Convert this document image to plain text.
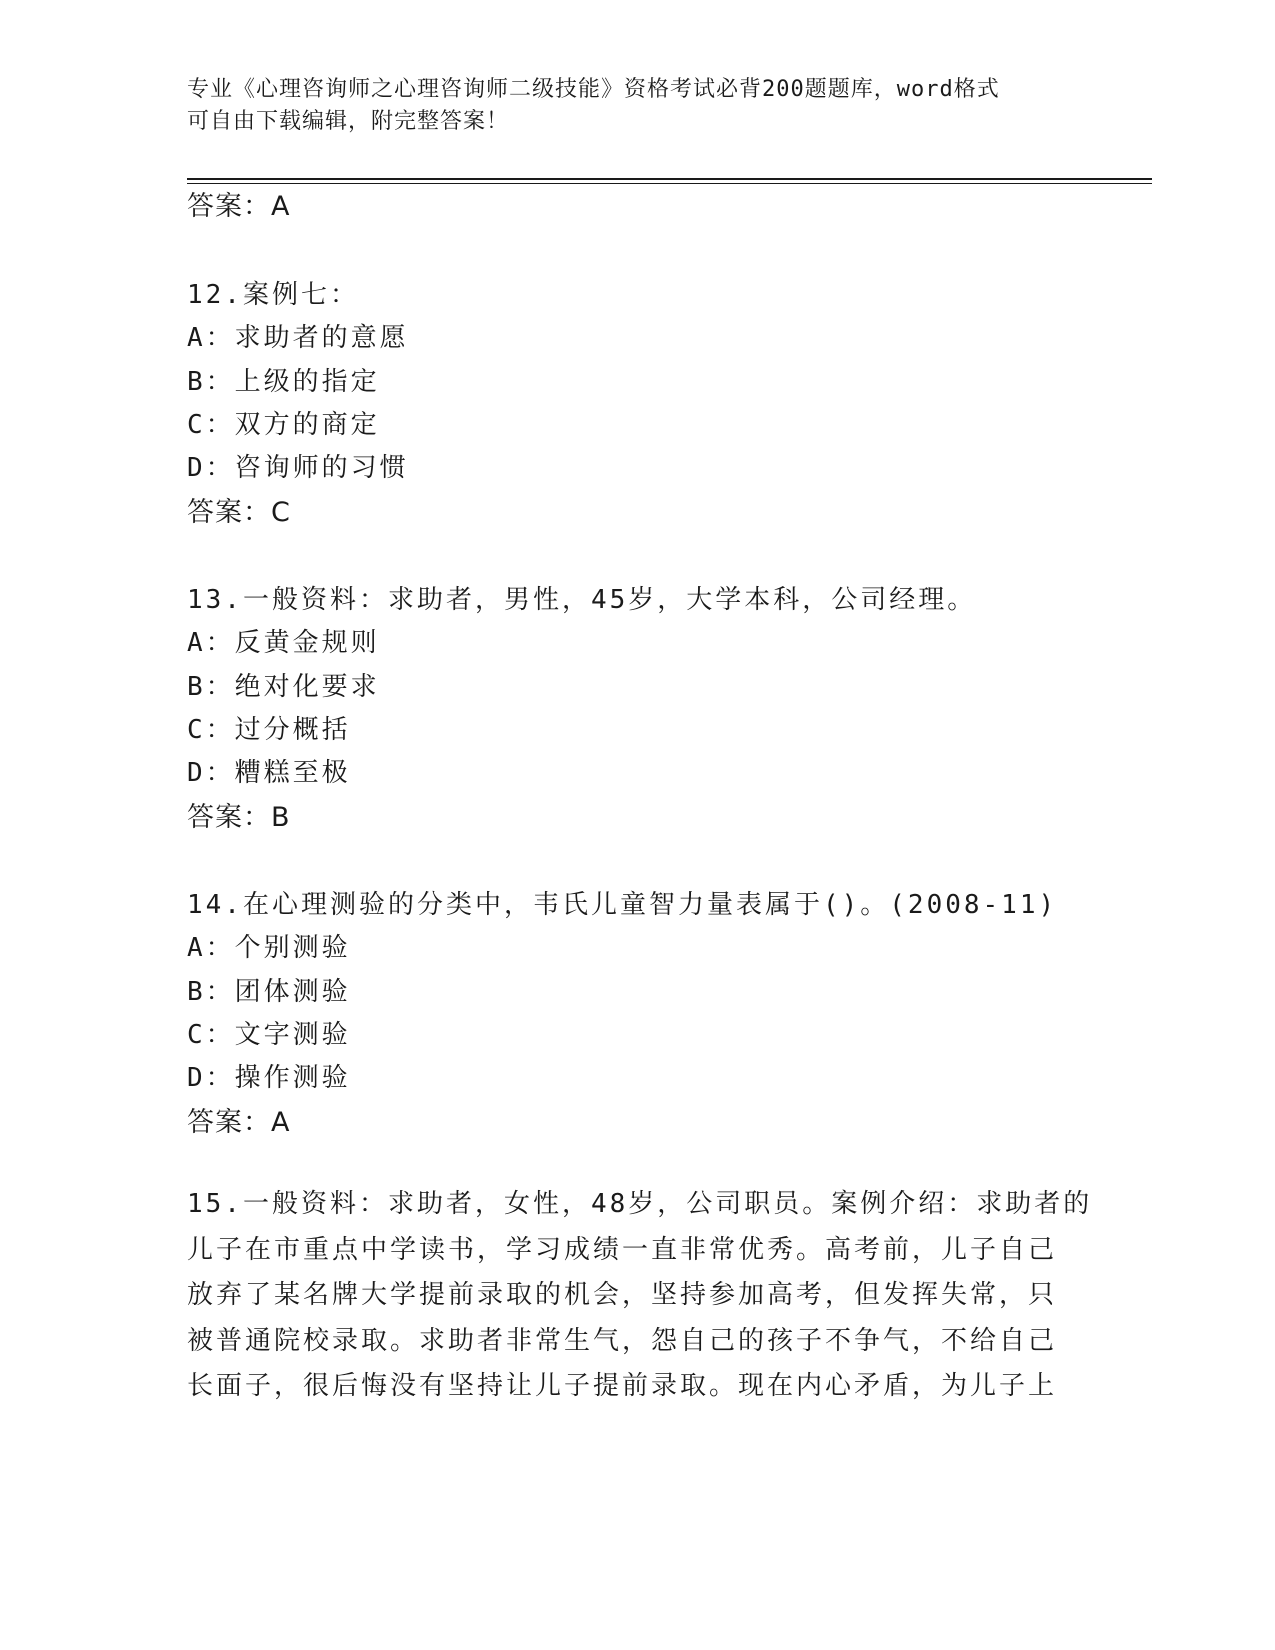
专业《心理咨询师之心理咨询师二级技能》资格考试必背200题题库，word格式
可自由下载编辑，附完整答案！
答案：A
12.案例七：
A：求助者的意愿
B：上级的指定
C：双方的商定
D：咨询师的习惯
答案：C
13.一般资料：求助者，男性，45岁，大学本科，公司经理。
A：反黄金规则
B：绝对化要求
C：过分概括
D：糟糕至极
答案：B
14.在心理测验的分类中，韦氏儿童智力量表属于()。(2008-11)
A：个别测验
B：团体测验
C：文字测验
D：操作测验
答案：A
15.一般资料：求助者，女性，48岁，公司职员。案例介绍：求助者的
儿子在市重点中学读书，学习成绩一直非常优秀。高考前，儿子自己
放弃了某名牌大学提前录取的机会，坚持参加高考，但发挥失常，只
被普通院校录取。求助者非常生气，怨自己的孩子不争气，不给自己
长面子，很后悔没有坚持让儿子提前录取。现在内心矛盾，为儿子上
